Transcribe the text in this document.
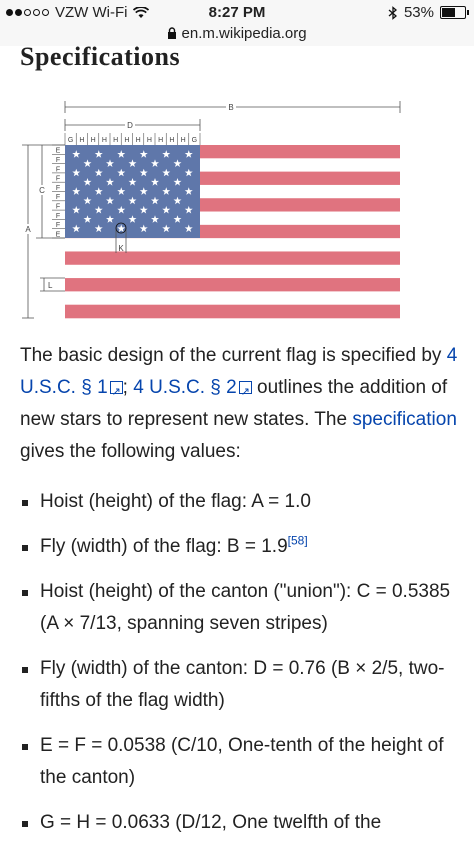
VZW Wi-Fi	8:27 PM	53%
en.m.wikipedia.org
Specifications
B
D
G H H H H H H H H H H G
A
C
E
F
F
F
F
F
F
F
F
E
K
L

The basic design of the current flag is specified by 4 U.S.C. § 1↗ ; 4 U.S.C. § 2↗ outlines the addition of new stars to represent new states. The specification gives the following values:

Hoist (height) of the flag: A = 1.0
Fly (width) of the flag: B = 1.9[58]
Hoist (height) of the canton ("union"): C = 0.5385 (A × 7/13, spanning seven stripes)
Fly (width) of the canton: D = 0.76 (B × 2/5, two-fifths of the flag width)
E = F = 0.0538 (C/10, One-tenth of the height of the canton)
G = H = 0.0633 (D/12, One twelfth of the
